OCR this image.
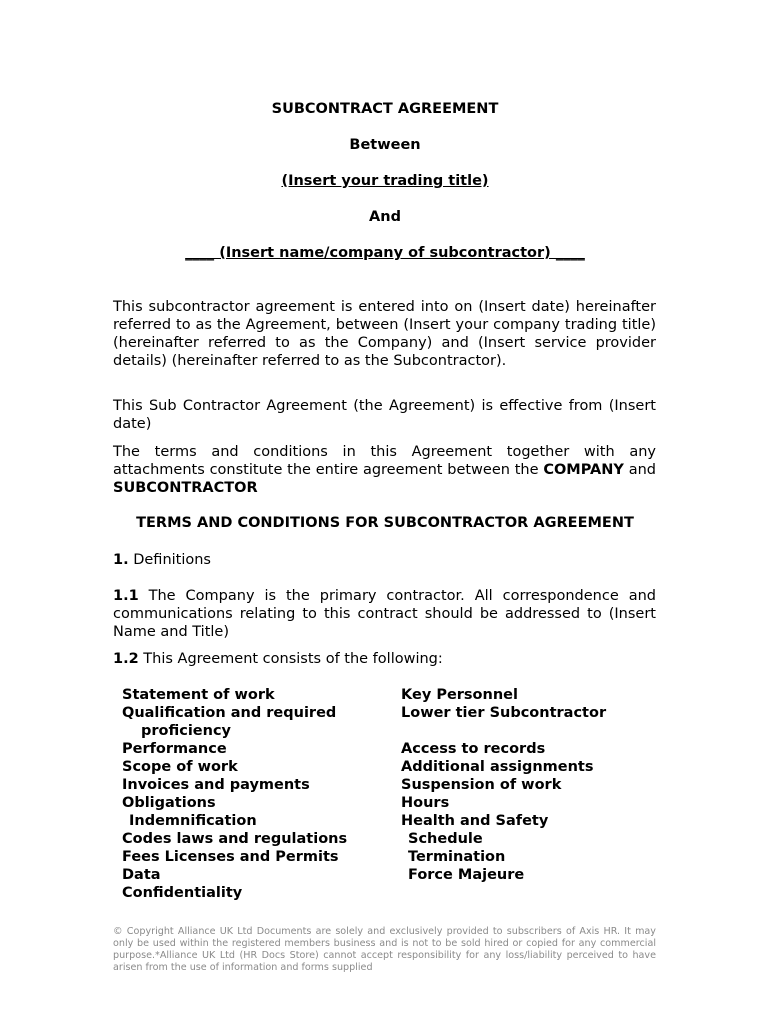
SUBCONTRACT AGREEMENT
Between
(Insert your trading title)
And
____ (Insert name/company of subcontractor) ____
This subcontractor agreement is entered into on (Insert date) hereinafter referred to as the Agreement, between (Insert your company trading title) (hereinafter referred to as the Company) and (Insert service provider details) (hereinafter referred to as the Subcontractor).
This Sub Contractor Agreement (the Agreement) is effective from (Insert date)
The terms and conditions in this Agreement together with any attachments constitute the entire agreement between the COMPANY and SUBCONTRACTOR
TERMS AND CONDITIONS FOR SUBCONTRACTOR AGREEMENT
1. Definitions
1.1 The Company is the primary contractor. All correspondence and communications relating to this contract should be addressed to (Insert Name and Title)
1.2 This Agreement consists of the following:
Statement of work
Qualification and required
proficiency
Performance
Scope of work
Invoices and payments
Obligations
Indemnification
Codes laws and regulations
Fees Licenses and Permits
Data
Confidentiality
Key Personnel
Lower tier Subcontractor

Access to records
Additional assignments
Suspension of work
Hours
Health and Safety
Schedule
Termination
Force Majeure
© Copyright Alliance UK Ltd Documents are solely and exclusively provided to subscribers of Axis HR. It may only be used within the registered members business and is not to be sold hired or copied for any commercial purpose.*Alliance UK Ltd (HR Docs Store) cannot accept responsibility for any loss/liability perceived to have arisen from the use of information and forms supplied
